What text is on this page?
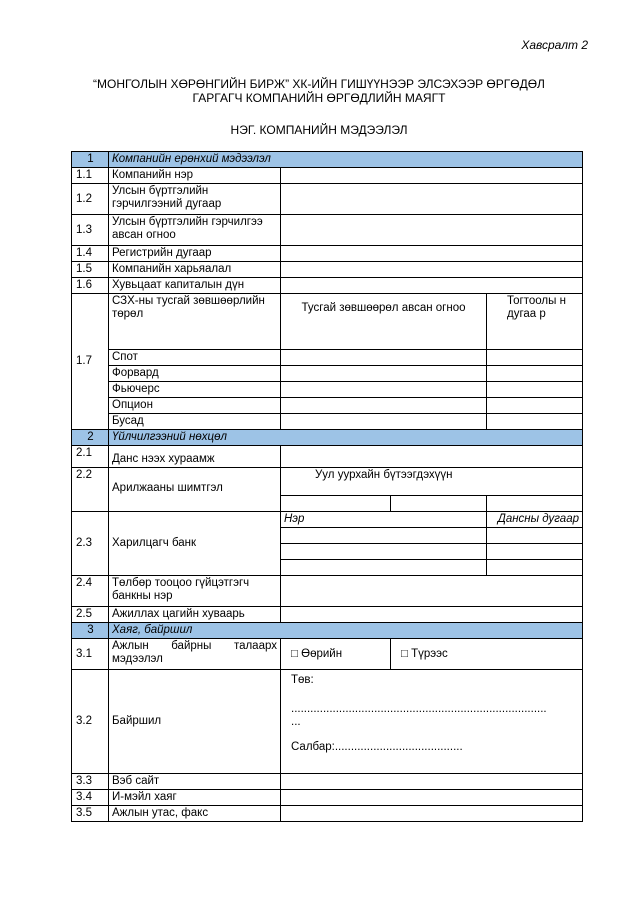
Хавсралт 2
“МОНГОЛЫН ХӨРӨНГИЙН БИРЖ” ХК-ИЙН ГИШҮҮНЭЭР ЭЛСЭХЭЭР ӨРГӨДӨЛ
ГАРГАГЧ КОМПАНИЙН ӨРГӨДЛИЙН МАЯГТ
НЭГ. КОМПАНИЙН МЭДЭЭЛЭЛ
1	Компанийн ерөнхий мэдээлэл			
1.1	Компанийн нэр			
1.2	Улсын бүртгэлийн гэрчилгээний дугаар			
1.3	Улсын бүртгэлийн гэрчилгээ авсан огноо			
1.4	Регистрийн дугаар			
1.5	Компанийн харьяалал			
1.6	Хувьцаат капиталын дүн			
1.7	СЗХ-ны тусгай зөвшөөрлийн төрөл	Тусгай зөвшөөрөл авсан огноо		Тогтоолы н дугаа р
	Спот			
	Форвард			
	Фьючерс			
	Опцион			
	Бусад			
2	Үйлчилгээний нөхцөл			
2.1	Данс нээх хураамж			
2.2	Арилжааны шимтгэл	Уул уурхайн бүтээгдэхүүн		

2.3	Харилцагч банк	Нэр		Дансны дугаар

2.4	Төлбөр тооцоо гүйцэтгэгч банкны нэр			
2.5	Ажиллах цагийн хуваарь			
3	Хаяг, байршил			
3.1	Ажлын байрны талаарх мэдээлэл	□ Өөрийн	□ Түрээс	
3.2	Байршил	Төв:
................................................................................ ...
Салбар:........................................		

3.3	Вэб сайт			
3.4	И-мэйл хаяг			
3.5	Ажлын утас, факс			
